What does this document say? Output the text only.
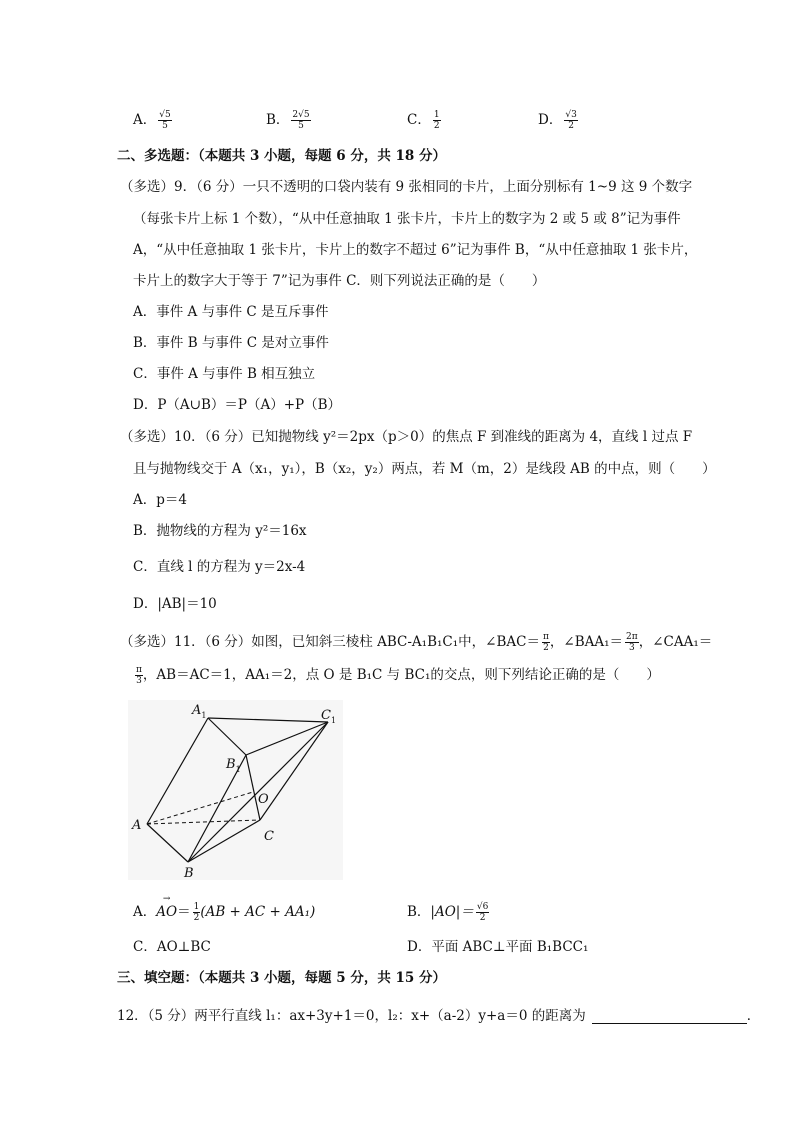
A． $\frac{√5}{5}$	B． $\frac{2√5}{5}$	C． $\frac{1}{2}$	D． $\frac{√3}{2}$
二、多选题：（本题共 3 小题，每题 6 分，共 18 分）
（多选）9．（6 分）一只不透明的口袋内装有 9 张相同的卡片，上面分别标有 1~9 这 9 个数字
（每张卡片上标 1 个数），“从中任意抽取 1 张卡片，卡片上的数字为 2 或 5 或 8”记为事件
A，“从中任意抽取 1 张卡片，卡片上的数字不超过 6”记为事件 B，“从中任意抽取 1 张卡片，
卡片上的数字大于等于 7”记为事件 C．则下列说法正确的是（　　）
A．事件 A 与事件 C 是互斥事件
B．事件 B 与事件 C 是对立事件
C．事件 A 与事件 B 相互独立
D．P（A∪B）＝P（A）+P（B）
（多选）10．（6 分）已知抛物线 y²＝2px（p＞0）的焦点 F 到准线的距离为 4，直线 l 过点 F
且与抛物线交于 A（x₁，y₁），B（x₂，y₂）两点，若 M（m，2）是线段 AB 的中点，则（　　）
A．p＝4
B．抛物线的方程为 y²＝16x
C．直线 l 的方程为 y＝2x-4
D．|AB|＝10
（多选）11．（6 分）如图，已知斜三棱柱 ABC-A₁B₁C₁中，∠BAC＝ $\frac{\pi}{2}$ ，∠BAA₁＝ $\frac{2\pi}{3}$ ，∠CAA₁＝
$\frac{\pi}{3}$ ，AB＝AC＝1，AA₁＝2，点 O 是 B₁C 与 BC₁的交点，则下列结论正确的是（　　）
$A_1$	$C_1$
$B_1$
O
A
C
B
A．→ $AO= \frac{1}{2} (AB$ + AC + AA₁)	B．$|AO|= \frac{√6}{2}$
C．AO⊥BC	D．平面 ABC⊥平面 B₁BCC₁
三、填空题：（本题共 3 小题，每题 5 分，共 15 分）
12．（5 分）两平行直线 l₁：ax+3y+1＝0，l₂：x+（a-2）y+a＝0 的距离为	．
